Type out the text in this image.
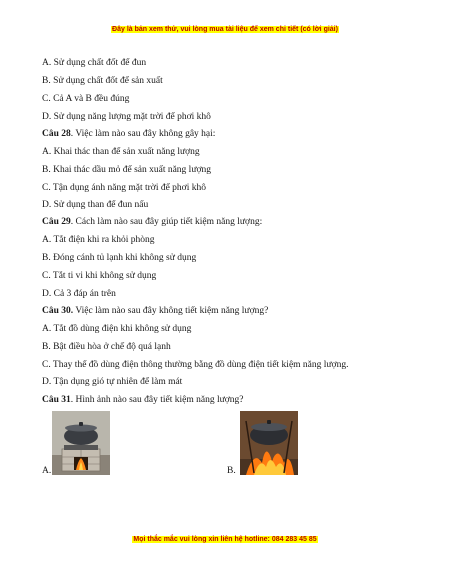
Đây là bản xem thử, vui lòng mua tài liệu để xem chi tiết (có lời giải)
A. Sử dụng chất đốt để đun
B. Sử dụng chất đốt để sản xuất
C. Cả A và B đều đúng
D. Sử dụng năng lượng mặt trời để phơi khô
Câu 28. Việc làm nào sau đây không gây hại:
A. Khai thác than để sản xuất năng lượng
B. Khai thác dầu mỏ để sản xuất năng lượng
C. Tận dụng ánh năng mặt trời để phơi khô
D. Sử dụng than để đun nấu
Câu 29. Cách làm nào sau đây giúp tiết kiệm năng lượng:
A. Tắt điện khi ra khỏi phòng
B. Đóng cánh tủ lạnh khi không sử dụng
C. Tắt ti vi khi không sử dụng
D. Cả 3 đáp án trên
Câu 30. Việc làm nào sau đây không tiết kiệm năng lượng?
A. Tắt đồ dùng điện khi không sử dụng
B. Bật điều hòa ở chế độ quá lạnh
C. Thay thế đồ dùng điện thông thường bằng đồ dùng điện tiết kiệm năng lượng.
D. Tận dụng gió tự nhiên để làm mát
Câu 31. Hình ảnh nào sau đây tiết kiệm năng lượng?
A.	B.
Mọi thắc mắc vui lòng xin liên hệ hotline: 084 283 45 85
